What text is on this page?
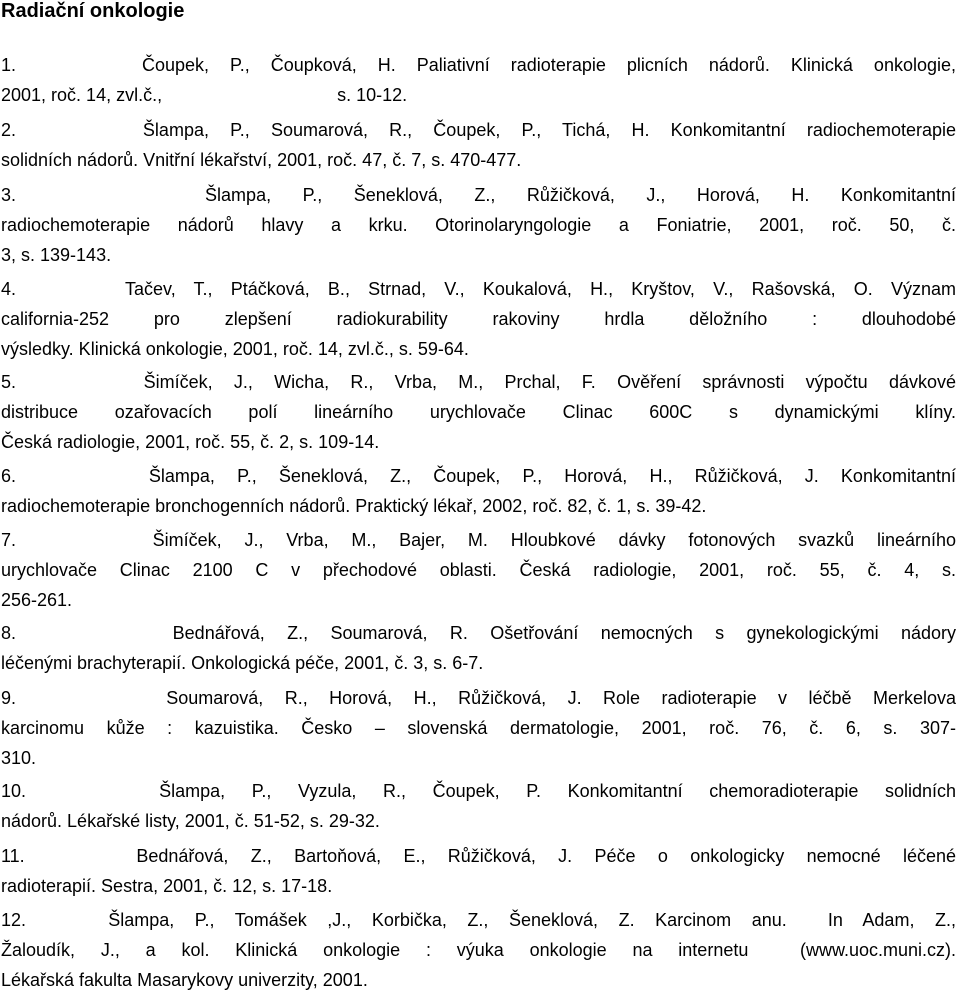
Radiační onkologie
1.      Čoupek, P., Čoupková, H. Paliativní radioterapie plicních nádorů. Klinická onkologie,
2001, roč. 14, zvl.č.,                                   s. 10-12.
2.      Šlampa, P., Soumarová, R., Čoupek, P., Tichá, H. Konkomitantní radiochemoterapie
solidních nádorů. Vnitřní lékařství, 2001, roč. 47, č. 7, s. 470-477.
3.      Šlampa, P., Šeneklová, Z., Růžičková, J., Horová, H. Konkomitantní
radiochemoterapie nádorů hlavy a krku. Otorinolaryngologie a Foniatrie, 2001, roč. 50, č.
3, s. 139-143.
4.      Tačev, T., Ptáčková, B., Strnad, V., Koukalová, H., Kryštov, V., Rašovská, O. Význam
california-252 pro zlepšení radiokurability rakoviny hrdla děložního : dlouhodobé
výsledky. Klinická onkologie, 2001, roč. 14, zvl.č., s. 59-64.
5.      Šimíček, J., Wicha, R., Vrba, M., Prchal, F. Ověření správnosti výpočtu dávkové
distribuce ozařovacích polí lineárního urychlovače Clinac 600C s dynamickými klíny.
Česká radiologie, 2001, roč. 55, č. 2, s. 109-14.
6.      Šlampa, P., Šeneklová, Z., Čoupek, P., Horová, H., Růžičková, J. Konkomitantní
radiochemoterapie bronchogenních nádorů. Praktický lékař, 2002, roč. 82, č. 1, s. 39-42.
7.      Šimíček, J., Vrba, M., Bajer, M. Hloubkové dávky fotonových svazků lineárního
urychlovače Clinac 2100 C v přechodové oblasti. Česká radiologie, 2001, roč. 55, č. 4, s.
256-261.
8.       Bednářová, Z., Soumarová, R. Ošetřování nemocných s gynekologickými nádory
léčenými brachyterapií. Onkologická péče, 2001, č. 3, s. 6-7.
9.       Soumarová, R., Horová, H., Růžičková, J. Role radioterapie v léčbě Merkelova
karcinomu kůže : kazuistika. Česko – slovenská dermatologie, 2001, roč. 76, č. 6, s. 307-
310.
10.     Šlampa, P., Vyzula, R., Čoupek, P. Konkomitantní chemoradioterapie solidních
nádorů. Lékařské listy, 2001, č. 51-52, s. 29-32.
11.     Bednářová, Z., Bartoňová, E., Růžičková, J. Péče o onkologicky nemocné léčené
radioterapií. Sestra, 2001, č. 12, s. 17-18.
12.    Šlampa, P., Tomášek ,J., Korbička, Z., Šeneklová, Z. Karcinom anu.  In Adam, Z.,
Žaloudík, J., a kol. Klinická onkologie : výuka onkologie na internetu  (www.uoc.muni.cz).
Lékařská fakulta Masarykovy univerzity, 2001.
